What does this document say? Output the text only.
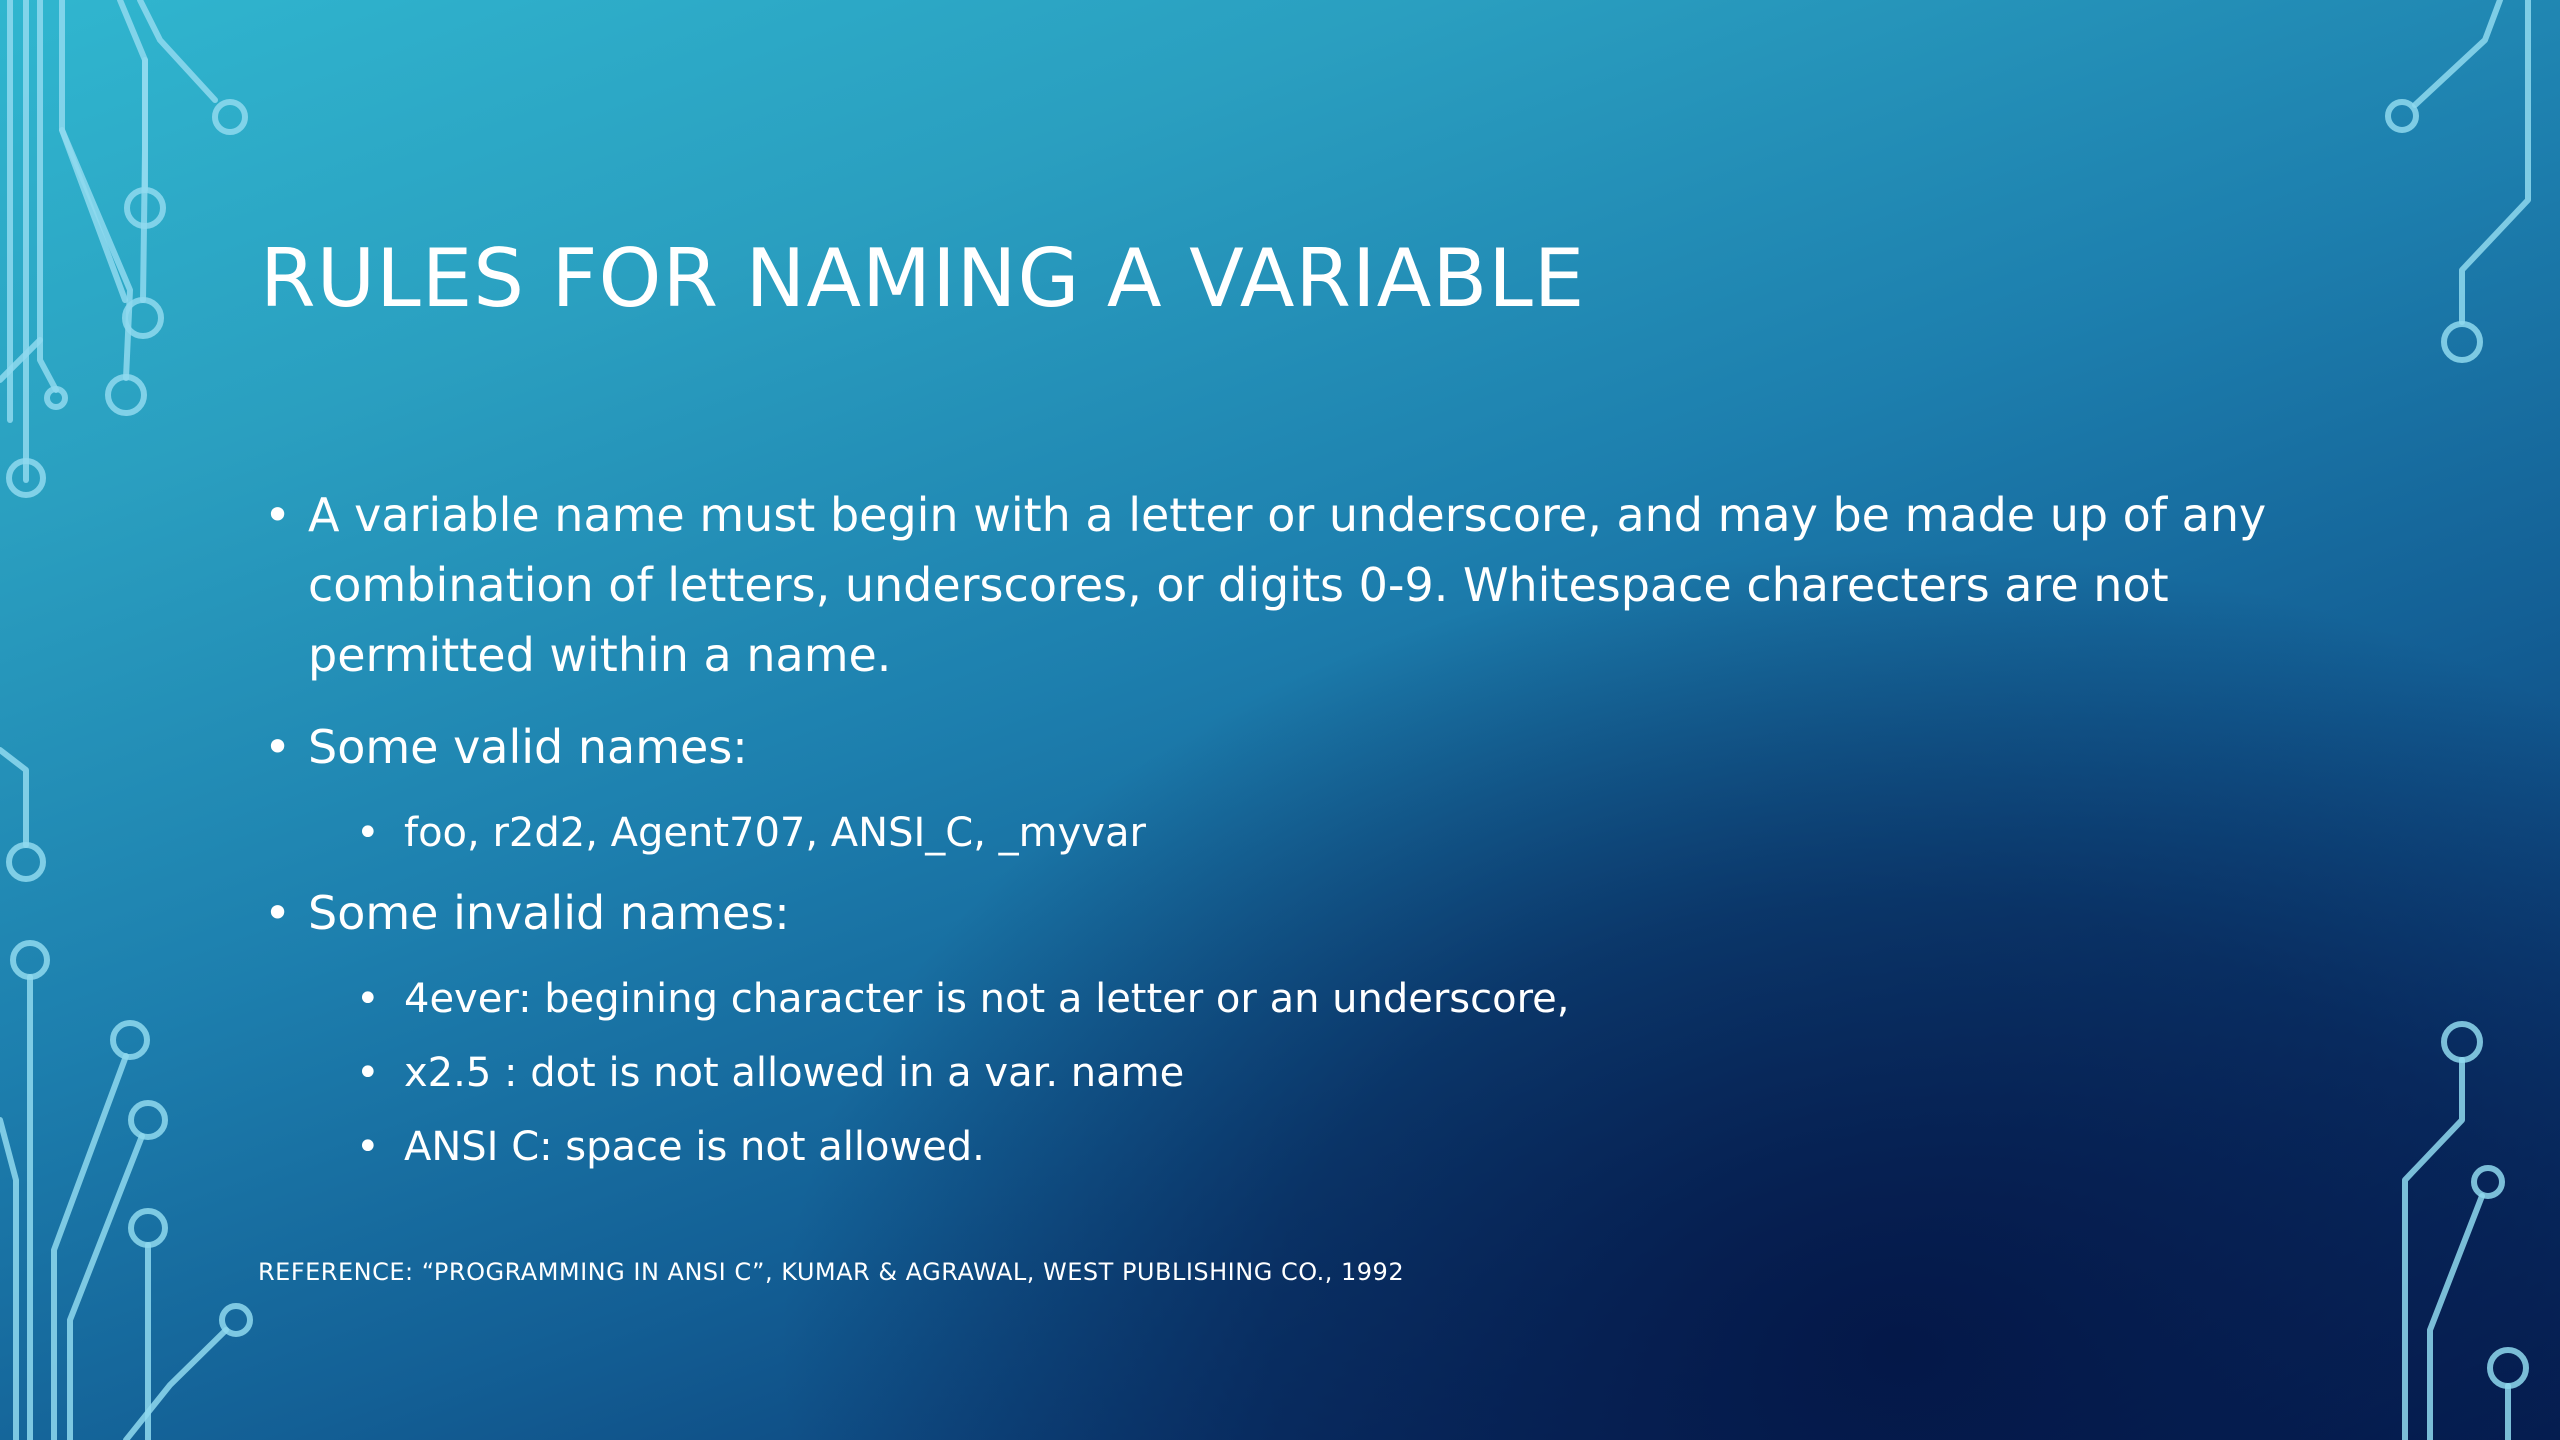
RULES FOR NAMING A VARIABLE
• A variable name must begin with a letter or underscore, and may be made up of any combination of letters, underscores, or digits 0-9. Whitespace charecters are not permitted within a name.
• Some valid names:
• foo, r2d2, Agent707, ANSI_C, _myvar
• Some invalid names:
• 4ever: begining character is not a letter or an underscore,
• x2.5 : dot is not allowed in a var. name
• ANSI C: space is not allowed.
REFERENCE: “PROGRAMMING IN ANSI C”, KUMAR & AGRAWAL, WEST PUBLISHING CO., 1992
